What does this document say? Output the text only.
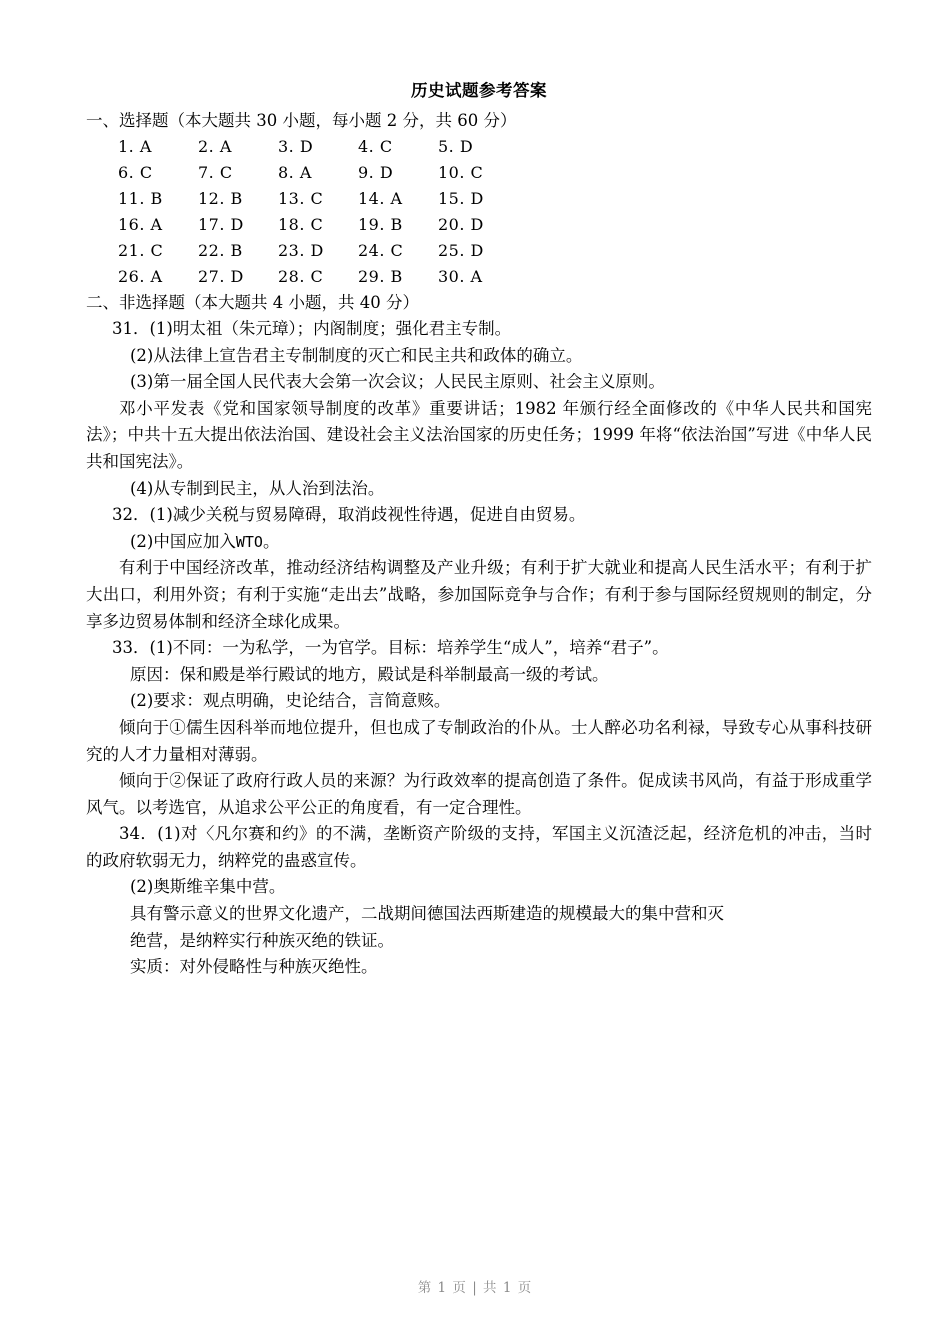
历史试题参考答案

一、选择题（本大题共 30 小题，每小题 2 分，共 60 分）

1. A	2. A	3. D	4. C	5. D
6. C	7. C	8. A	9. D	10. C
11. B 12. B 13. C 14. A 15. D
16. A 17. D 18. C 19. B 20. D
21. C 22. B 23. D 24. C 25. D
26. A 27. D 28. C 29. B 30. A

二、非选择题（本大题共 4 小题，共 40 分）

31．(1)明太祖（朱元璋）；内阁制度；强化君主专制。

(2)从法律上宣告君主专制制度的灭亡和民主共和政体的确立。

(3)第一届全国人民代表大会第一次会议；人民民主原则、社会主义原则。

邓小平发表《党和国家领导制度的改革》重要讲话；1982 年颁行经全面修改的《中华人民共和国宪法》；中共十五大提出依法治国、建设社会主义法治国家的历史任务；1999 年将“依法治国”写进《中华人民共和国宪法》。

(4)从专制到民主，从人治到法治。

32．(1)减少关税与贸易障碍，取消歧视性待遇，促进自由贸易。

(2)中国应加入WTO。

有利于中国经济改革，推动经济结构调整及产业升级；有利于扩大就业和提高人民生活水平；有利于扩大出口，利用外资；有利于实施“走出去”战略，参加国际竞争与合作；有利于参与国际经贸规则的制定，分享多边贸易体制和经济全球化成果。

33．(1)不同：一为私学，一为官学。目标：培养学生“成人”，培养“君子”。

原因：保和殿是举行殿试的地方，殿试是科举制最高一级的考试。

(2)要求：观点明确，史论结合，言简意赅。

倾向于①儒生因科举而地位提升，但也成了专制政治的仆从。士人醉必功名利禄，导致专心从事科技研究的人才力量相对薄弱。

倾向于②保证了政府行政人员的来源？为行政效率的提高创造了条件。促成读书风尚，有益于形成重学风气。以考选官，从追求公平公正的角度看，有一定合理性。

34．(1)对〈凡尔赛和约》的不满，垄断资产阶级的支持，军国主义沉渣泛起，经济危机的冲击，当时的政府软弱无力，纳粹党的蛊惑宣传。

(2)奥斯维辛集中营。

具有警示意义的世界文化遗产，二战期间德国法西斯建造的规模最大的集中营和灭

绝营，是纳粹实行种族灭绝的铁证。

实质：对外侵略性与种族灭绝性。

第 1 页 | 共 1 页
